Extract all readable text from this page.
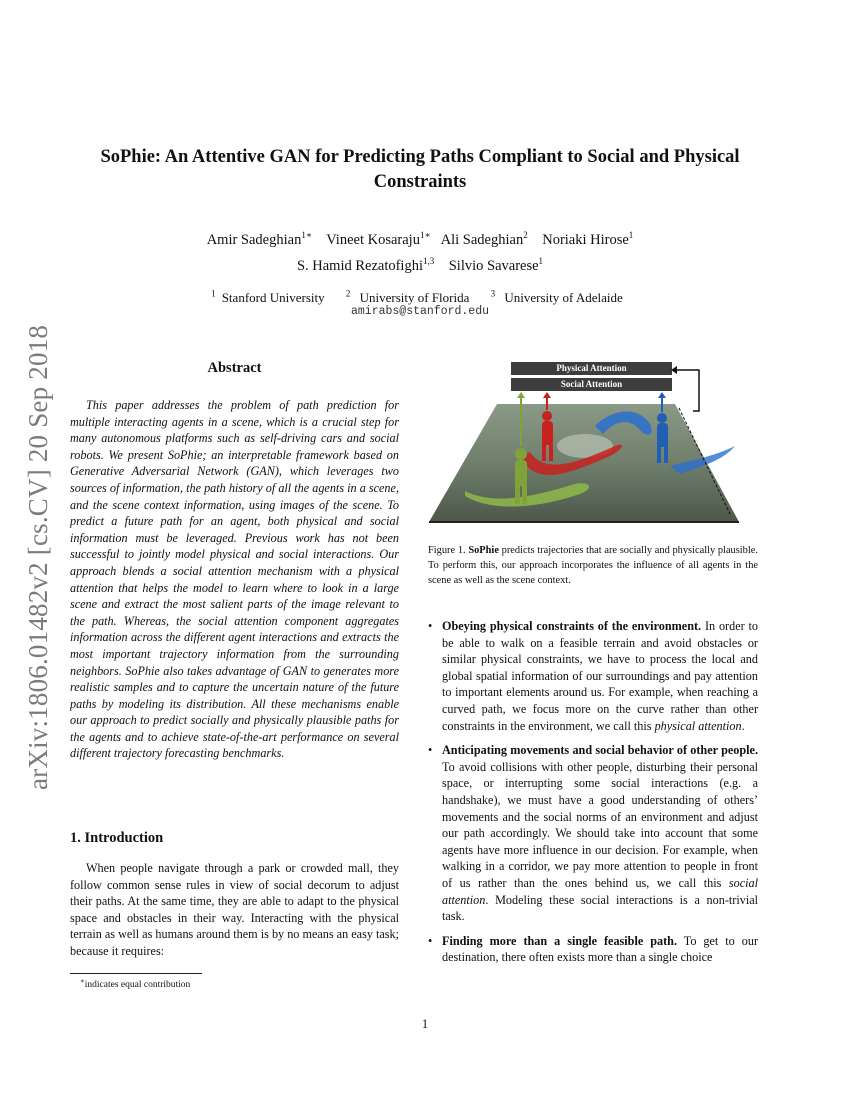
arXiv:1806.01482v2 [cs.CV] 20 Sep 2018
SoPhie: An Attentive GAN for Predicting Paths Compliant to Social and Physical Constraints
Amir Sadeghian$^{1∗}$ Vineet Kosaraju$^{1∗}$ Ali Sadeghian$^2$ Noriaki Hirose$^1$
S. Hamid Rezatofighi$^{1,3}$ Silvio Savarese$^1$
$^1$ Stanford University $^2$ University of Florida $^3$ University of Adelaide
amirabs@stanford.edu
Abstract
This paper addresses the problem of path prediction for multiple interacting agents in a scene, which is a crucial step for many autonomous platforms such as self-driving cars and social robots. We present SoPhie; an interpretable framework based on Generative Adversarial Network (GAN), which leverages two sources of information, the path history of all the agents in a scene, and the scene context information, using images of the scene. To predict a future path for an agent, both physical and social information must be leveraged. Previous work has not been successful to jointly model physical and social interactions. Our approach blends a social attention mechanism with a physical attention that helps the model to learn where to look in a large scene and extract the most salient parts of the image relevant to the path. Whereas, the social attention component aggregates information across the different agent interactions and extracts the most important trajectory information from the surrounding neighbors. SoPhie also takes advantage of GAN to generates more realistic samples and to capture the uncertain nature of the future paths by modeling its distribution. All these mechanisms enable our approach to predict socially and physically plausible paths for the agents and to achieve state-of-the-art performance on several different trajectory forecasting benchmarks.
1. Introduction
When people navigate through a park or crowded mall, they follow common sense rules in view of social decorum to adjust their paths. At the same time, they are able to adapt to the physical space and obstacles in their way. Interacting with the physical terrain as well as humans around them is by no means an easy task; because it requires:
∗indicates equal contribution
Physical Attention
Social Attention
Figure 1. SoPhie predicts trajectories that are socially and physically plausible. To perform this, our approach incorporates the influence of all agents in the scene as well as the scene context.
• Obeying physical constraints of the environment. In order to be able to walk on a feasible terrain and avoid obstacles or similar physical constraints, we have to process the local and global spatial information of our surroundings and pay attention to important elements around us. For example, when reaching a curved path, we focus more on the curve rather than other constraints in the environment, we call this physical attention.
• Anticipating movements and social behavior of other people. To avoid collisions with other people, disturbing their personal space, or interrupting some social interactions (e.g. a handshake), we must have a good understanding of others’ movements and the social norms of an environment and adjust our path accordingly. We should take into account that some agents have more influence in our decision. For example, when walking in a corridor, we pay more attention to people in front of us rather than the ones behind us, we call this social attention. Modeling these social interactions is a non-trivial task.
• Finding more than a single feasible path. To get to our destination, there often exists more than a single choice
1
